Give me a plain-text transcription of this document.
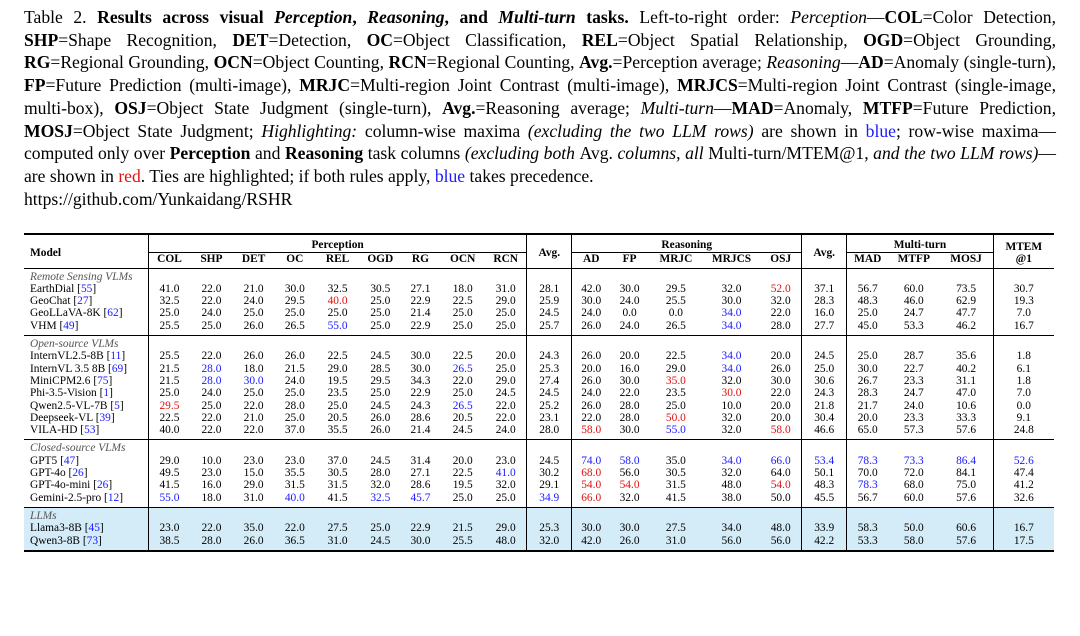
Table 2. Results across visual Perception, Reasoning, and Multi-turn tasks. Left-to-right order: Perception—COL=Color Detection, SHP=Shape Recognition, DET=Detection, OC=Object Classification, REL=Object Spatial Relationship, OGD=Object Grounding, RG=Regional Grounding, OCN=Object Counting, RCN=Regional Counting, Avg.=Perception average; Reasoning—AD=Anomaly (single-turn), FP=Future Prediction (multi-image), MRJC=Multi-region Joint Contrast (multi-image), MRJCS=Multi-region Joint Contrast (single-image, multi-box), OSJ=Object State Judgment (single-turn), Avg.=Reasoning average; Multi-turn—MAD=Anomaly, MTFP=Future Prediction, MOSJ=Object State Judgment; Highlighting: column-wise maxima (excluding the two LLM rows) are shown in blue; row-wise maxima—computed only over Perception and Reasoning task columns (excluding both Avg. columns, all Multi-turn/MTEM@1, and the two LLM rows)—are shown in red. Ties are highlighted; if both rules apply, blue takes precedence.
https://github.com/Yunkaidang/RSHR
Model	Perception									Avg.	Reasoning					Avg.	Multi-turn			MTEM
@1
	COL	SHP	DET	OC	REL	OGD	RG	OCN	RCN		AD	FP	MRJC	MRJCS	OSJ		MAD	MTFP	MOSJ	
Remote Sensing VLMs																				
EarthDial [55]	41.0	22.0	21.0	30.0	32.5	30.5	27.1	18.0	31.0	28.1	42.0	30.0	29.5	32.0	52.0	37.1	56.7	60.0	73.5	30.7
GeoChat [27]	32.5	22.0	24.0	29.5	40.0	25.0	22.9	22.5	29.0	25.9	30.0	24.0	25.5	30.0	32.0	28.3	48.3	46.0	62.9	19.3
GeoLLaVA-8K [62]	25.0	24.0	25.0	25.0	25.0	25.0	21.4	25.0	25.0	24.5	24.0	0.0	0.0	34.0	22.0	16.0	25.0	24.7	47.7	7.0
VHM [49]	25.5	25.0	26.0	26.5	55.0	25.0	22.9	25.0	25.0	25.7	26.0	24.0	26.5	34.0	28.0	27.7	45.0	53.3	46.2	16.7
Open-source VLMs																				
InternVL2.5-8B [11]	25.5	22.0	26.0	26.0	22.5	24.5	30.0	22.5	20.0	24.3	26.0	20.0	22.5	34.0	20.0	24.5	25.0	28.7	35.6	1.8
InternVL 3.5 8B [69]	21.5	28.0	18.0	21.5	29.0	28.5	30.0	26.5	25.0	25.3	20.0	16.0	29.0	34.0	26.0	25.0	30.0	22.7	40.2	6.1
MiniCPM2.6 [75]	21.5	28.0	30.0	24.0	19.5	29.5	34.3	22.0	29.0	27.4	26.0	30.0	35.0	32.0	30.0	30.6	26.7	23.3	31.1	1.8
Phi-3.5-Vision [1]	25.0	24.0	25.0	25.0	23.5	25.0	22.9	25.0	24.5	24.5	24.0	22.0	23.5	30.0	22.0	24.3	28.3	24.7	47.0	7.0
Qwen2.5-VL-7B [5]	29.5	25.0	22.0	28.0	25.0	24.5	24.3	26.5	22.0	25.2	26.0	28.0	25.0	10.0	20.0	21.8	21.7	24.0	10.6	0.0
Deepseek-VL [39]	22.5	22.0	21.0	25.0	20.5	26.0	28.6	20.5	22.0	23.1	22.0	28.0	50.0	32.0	20.0	30.4	20.0	23.3	33.3	9.1
VILA-HD [53]	40.0	22.0	22.0	37.0	35.5	26.0	21.4	24.5	24.0	28.0	58.0	30.0	55.0	32.0	58.0	46.6	65.0	57.3	57.6	24.8
Closed-source VLMs																				
GPT5 [47]	29.0	10.0	23.0	23.0	37.0	24.5	31.4	20.0	23.0	24.5	74.0	58.0	35.0	34.0	66.0	53.4	78.3	73.3	86.4	52.6
GPT-4o [26]	49.5	23.0	15.0	35.5	30.5	28.0	27.1	22.5	41.0	30.2	68.0	56.0	30.5	32.0	64.0	50.1	70.0	72.0	84.1	47.4
GPT-4o-mini [26]	41.5	16.0	29.0	31.5	31.5	32.0	28.6	19.5	32.0	29.1	54.0	54.0	31.5	48.0	54.0	48.3	78.3	68.0	75.0	41.2
Gemini-2.5-pro [12]	55.0	18.0	31.0	40.0	41.5	32.5	45.7	25.0	25.0	34.9	66.0	32.0	41.5	38.0	50.0	45.5	56.7	60.0	57.6	32.6
LLMs																				
Llama3-8B [45]	23.0	22.0	35.0	22.0	27.5	25.0	22.9	21.5	29.0	25.3	30.0	30.0	27.5	34.0	48.0	33.9	58.3	50.0	60.6	16.7
Qwen3-8B [73]	38.5	28.0	26.0	36.5	31.0	24.5	30.0	25.5	48.0	32.0	42.0	26.0	31.0	56.0	56.0	42.2	53.3	58.0	57.6	17.5
